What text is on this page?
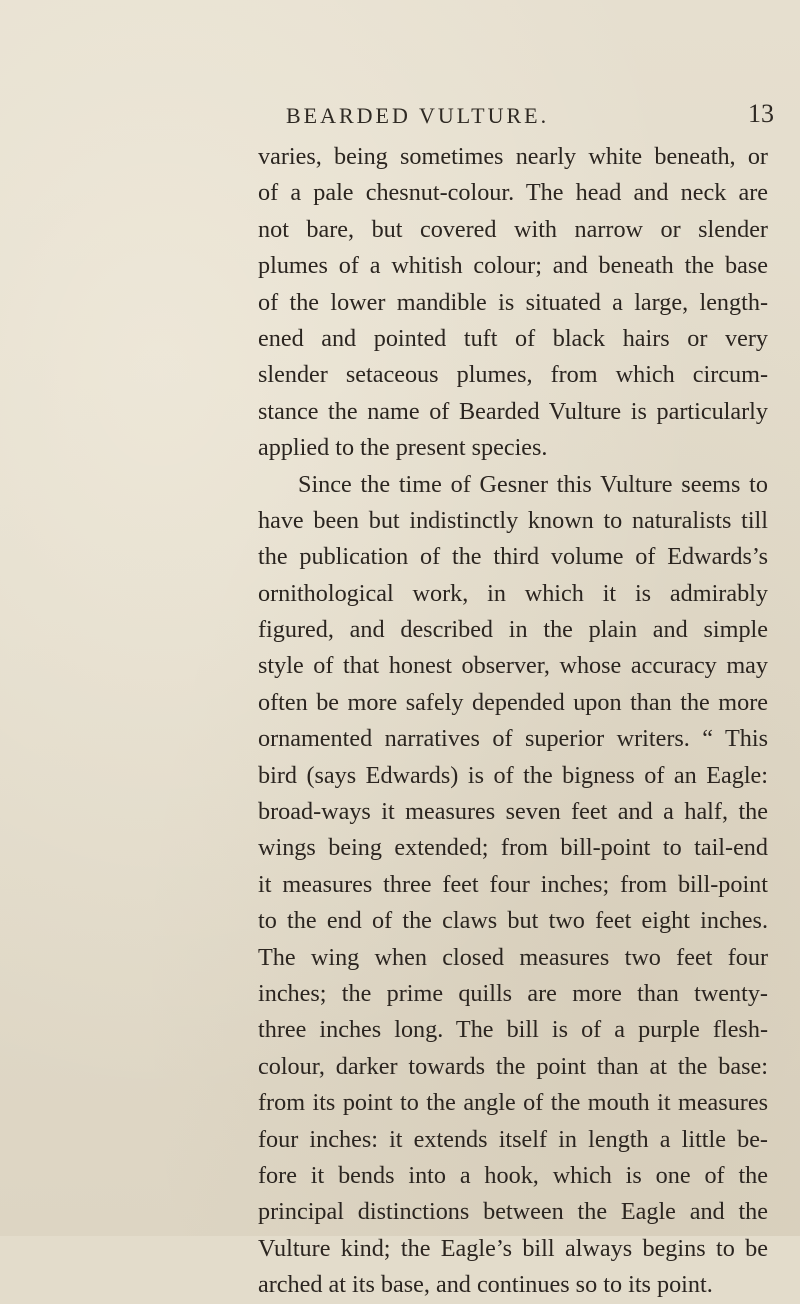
BEARDED VULTURE.	13
varies, being sometimes nearly white beneath, or
of a pale chesnut-colour. The head and neck are
not bare, but covered with narrow or slender
plumes of a whitish colour; and beneath the base
of the lower mandible is situated a large, length-
ened and pointed tuft of black hairs or very
slender setaceous plumes, from which circum-
stance the name of Bearded Vulture is particularly
applied to the present species.
Since the time of Gesner this Vulture seems to
have been but indistinctly known to naturalists till
the publication of the third volume of Edwards’s
ornithological work, in which it is admirably
figured, and described in the plain and simple
style of that honest observer, whose accuracy may
often be more safely depended upon than the more
ornamented narratives of superior writers. “ This
bird (says Edwards) is of the bigness of an Eagle:
broad-ways it measures seven feet and a half, the
wings being extended; from bill-point to tail-end
it measures three feet four inches; from bill-point
to the end of the claws but two feet eight inches.
The wing when closed measures two feet four
inches; the prime quills are more than twenty-
three inches long. The bill is of a purple flesh-
colour, darker towards the point than at the base:
from its point to the angle of the mouth it measures
four inches: it extends itself in length a little be-
fore it bends into a hook, which is one of the
principal distinctions between the Eagle and the
Vulture kind; the Eagle’s bill always begins to be
arched at its base, and continues so to its point.
